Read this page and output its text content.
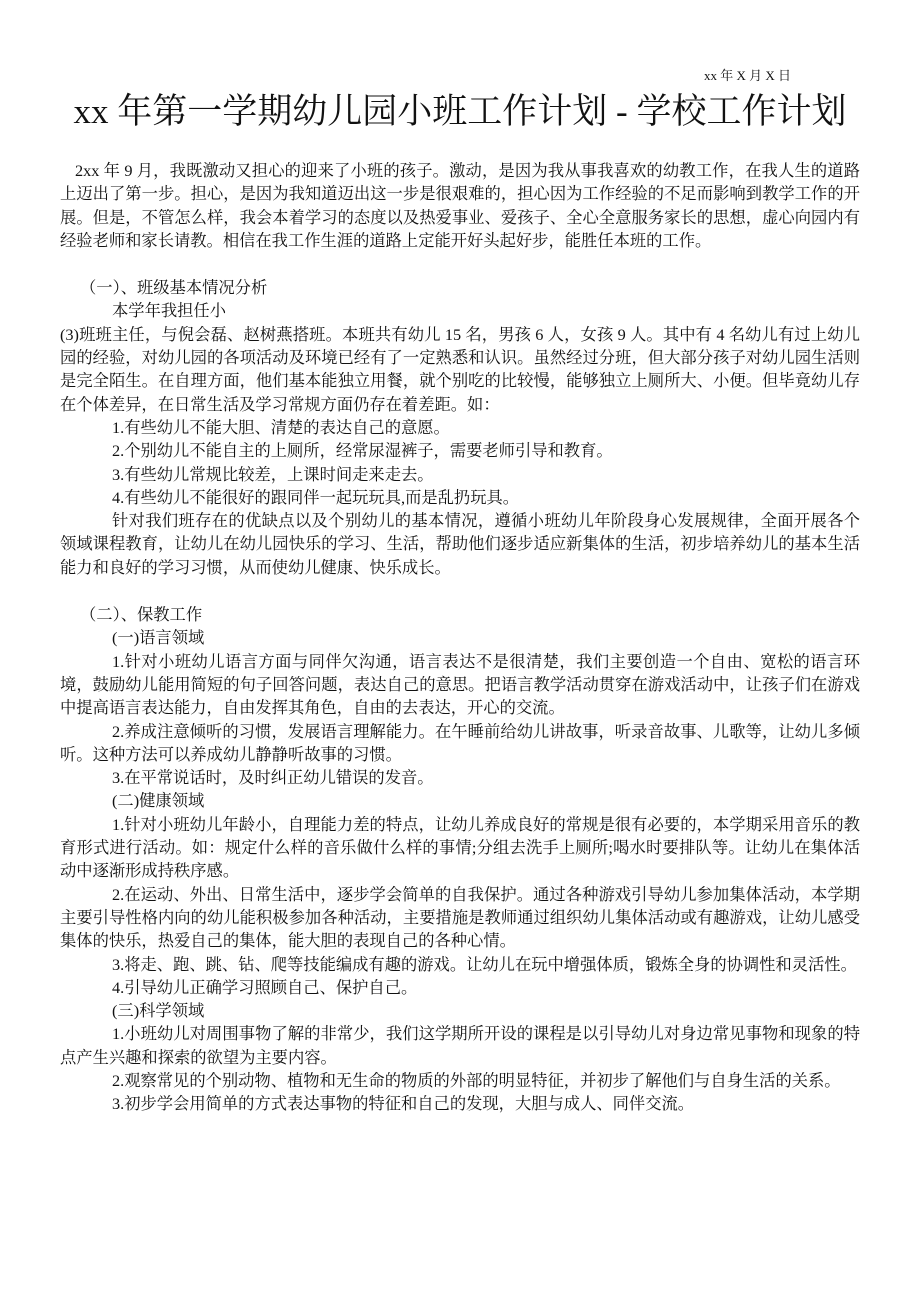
xx 年 X 月 X 日
xx 年第一学期幼儿园小班工作计划 - 学校工作计划

2xx 年 9 月，我既激动又担心的迎来了小班的孩子。激动，是因为我从事我喜欢的幼教工作，在我人生的道路上迈出了第一步。担心，是因为我知道迈出这一步是很艰难的，担心因为工作经验的不足而影响到教学工作的开展。但是，不管怎么样，我会本着学习的态度以及热爱事业、爱孩子、全心全意服务家长的思想，虚心向园内有经验老师和家长请教。相信在我工作生涯的道路上定能开好头起好步，能胜任本班的工作。

（一）、班级基本情况分析

本学年我担任小

(3)班班主任，与倪会磊、赵树燕搭班。本班共有幼儿 15 名，男孩 6 人，女孩 9 人。其中有 4 名幼儿有过上幼儿园的经验，对幼儿园的各项活动及环境已经有了一定熟悉和认识。虽然经过分班，但大部分孩子对幼儿园生活则是完全陌生。在自理方面，他们基本能独立用餐，就个别吃的比较慢，能够独立上厕所大、小便。但毕竟幼儿存在个体差异，在日常生活及学习常规方面仍存在着差距。如：

1.有些幼儿不能大胆、清楚的表达自己的意愿。

2.个别幼儿不能自主的上厕所，经常尿湿裤子，需要老师引导和教育。

3.有些幼儿常规比较差，上课时间走来走去。

4.有些幼儿不能很好的跟同伴一起玩玩具,而是乱扔玩具。

针对我们班存在的优缺点以及个别幼儿的基本情况，遵循小班幼儿年阶段身心发展规律，全面开展各个领域课程教育，让幼儿在幼儿园快乐的学习、生活，帮助他们逐步适应新集体的生活，初步培养幼儿的基本生活能力和良好的学习习惯，从而使幼儿健康、快乐成长。

（二）、保教工作

(一)语言领域

1.针对小班幼儿语言方面与同伴欠沟通，语言表达不是很清楚，我们主要创造一个自由、宽松的语言环境，鼓励幼儿能用简短的句子回答问题，表达自己的意思。把语言教学活动贯穿在游戏活动中，让孩子们在游戏中提高语言表达能力，自由发挥其角色，自由的去表达，开心的交流。

2.养成注意倾听的习惯，发展语言理解能力。在午睡前给幼儿讲故事，听录音故事、儿歌等，让幼儿多倾听。这种方法可以养成幼儿静静听故事的习惯。

3.在平常说话时，及时纠正幼儿错误的发音。

(二)健康领域

1.针对小班幼儿年龄小，自理能力差的特点，让幼儿养成良好的常规是很有必要的，本学期采用音乐的教育形式进行活动。如：规定什么样的音乐做什么样的事情;分组去洗手上厕所;喝水时要排队等。让幼儿在集体活动中逐渐形成持秩序感。

2.在运动、外出、日常生活中，逐步学会简单的自我保护。通过各种游戏引导幼儿参加集体活动，本学期主要引导性格内向的幼儿能积极参加各种活动，主要措施是教师通过组织幼儿集体活动或有趣游戏，让幼儿感受集体的快乐，热爱自己的集体，能大胆的表现自己的各种心情。

3.将走、跑、跳、钻、爬等技能编成有趣的游戏。让幼儿在玩中增强体质，锻炼全身的协调性和灵活性。

4.引导幼儿正确学习照顾自己、保护自己。

(三)科学领域

1.小班幼儿对周围事物了解的非常少，我们这学期所开设的课程是以引导幼儿对身边常见事物和现象的特点产生兴趣和探索的欲望为主要内容。

2.观察常见的个别动物、植物和无生命的物质的外部的明显特征，并初步了解他们与自身生活的关系。

3.初步学会用简单的方式表达事物的特征和自己的发现，大胆与成人、同伴交流。
